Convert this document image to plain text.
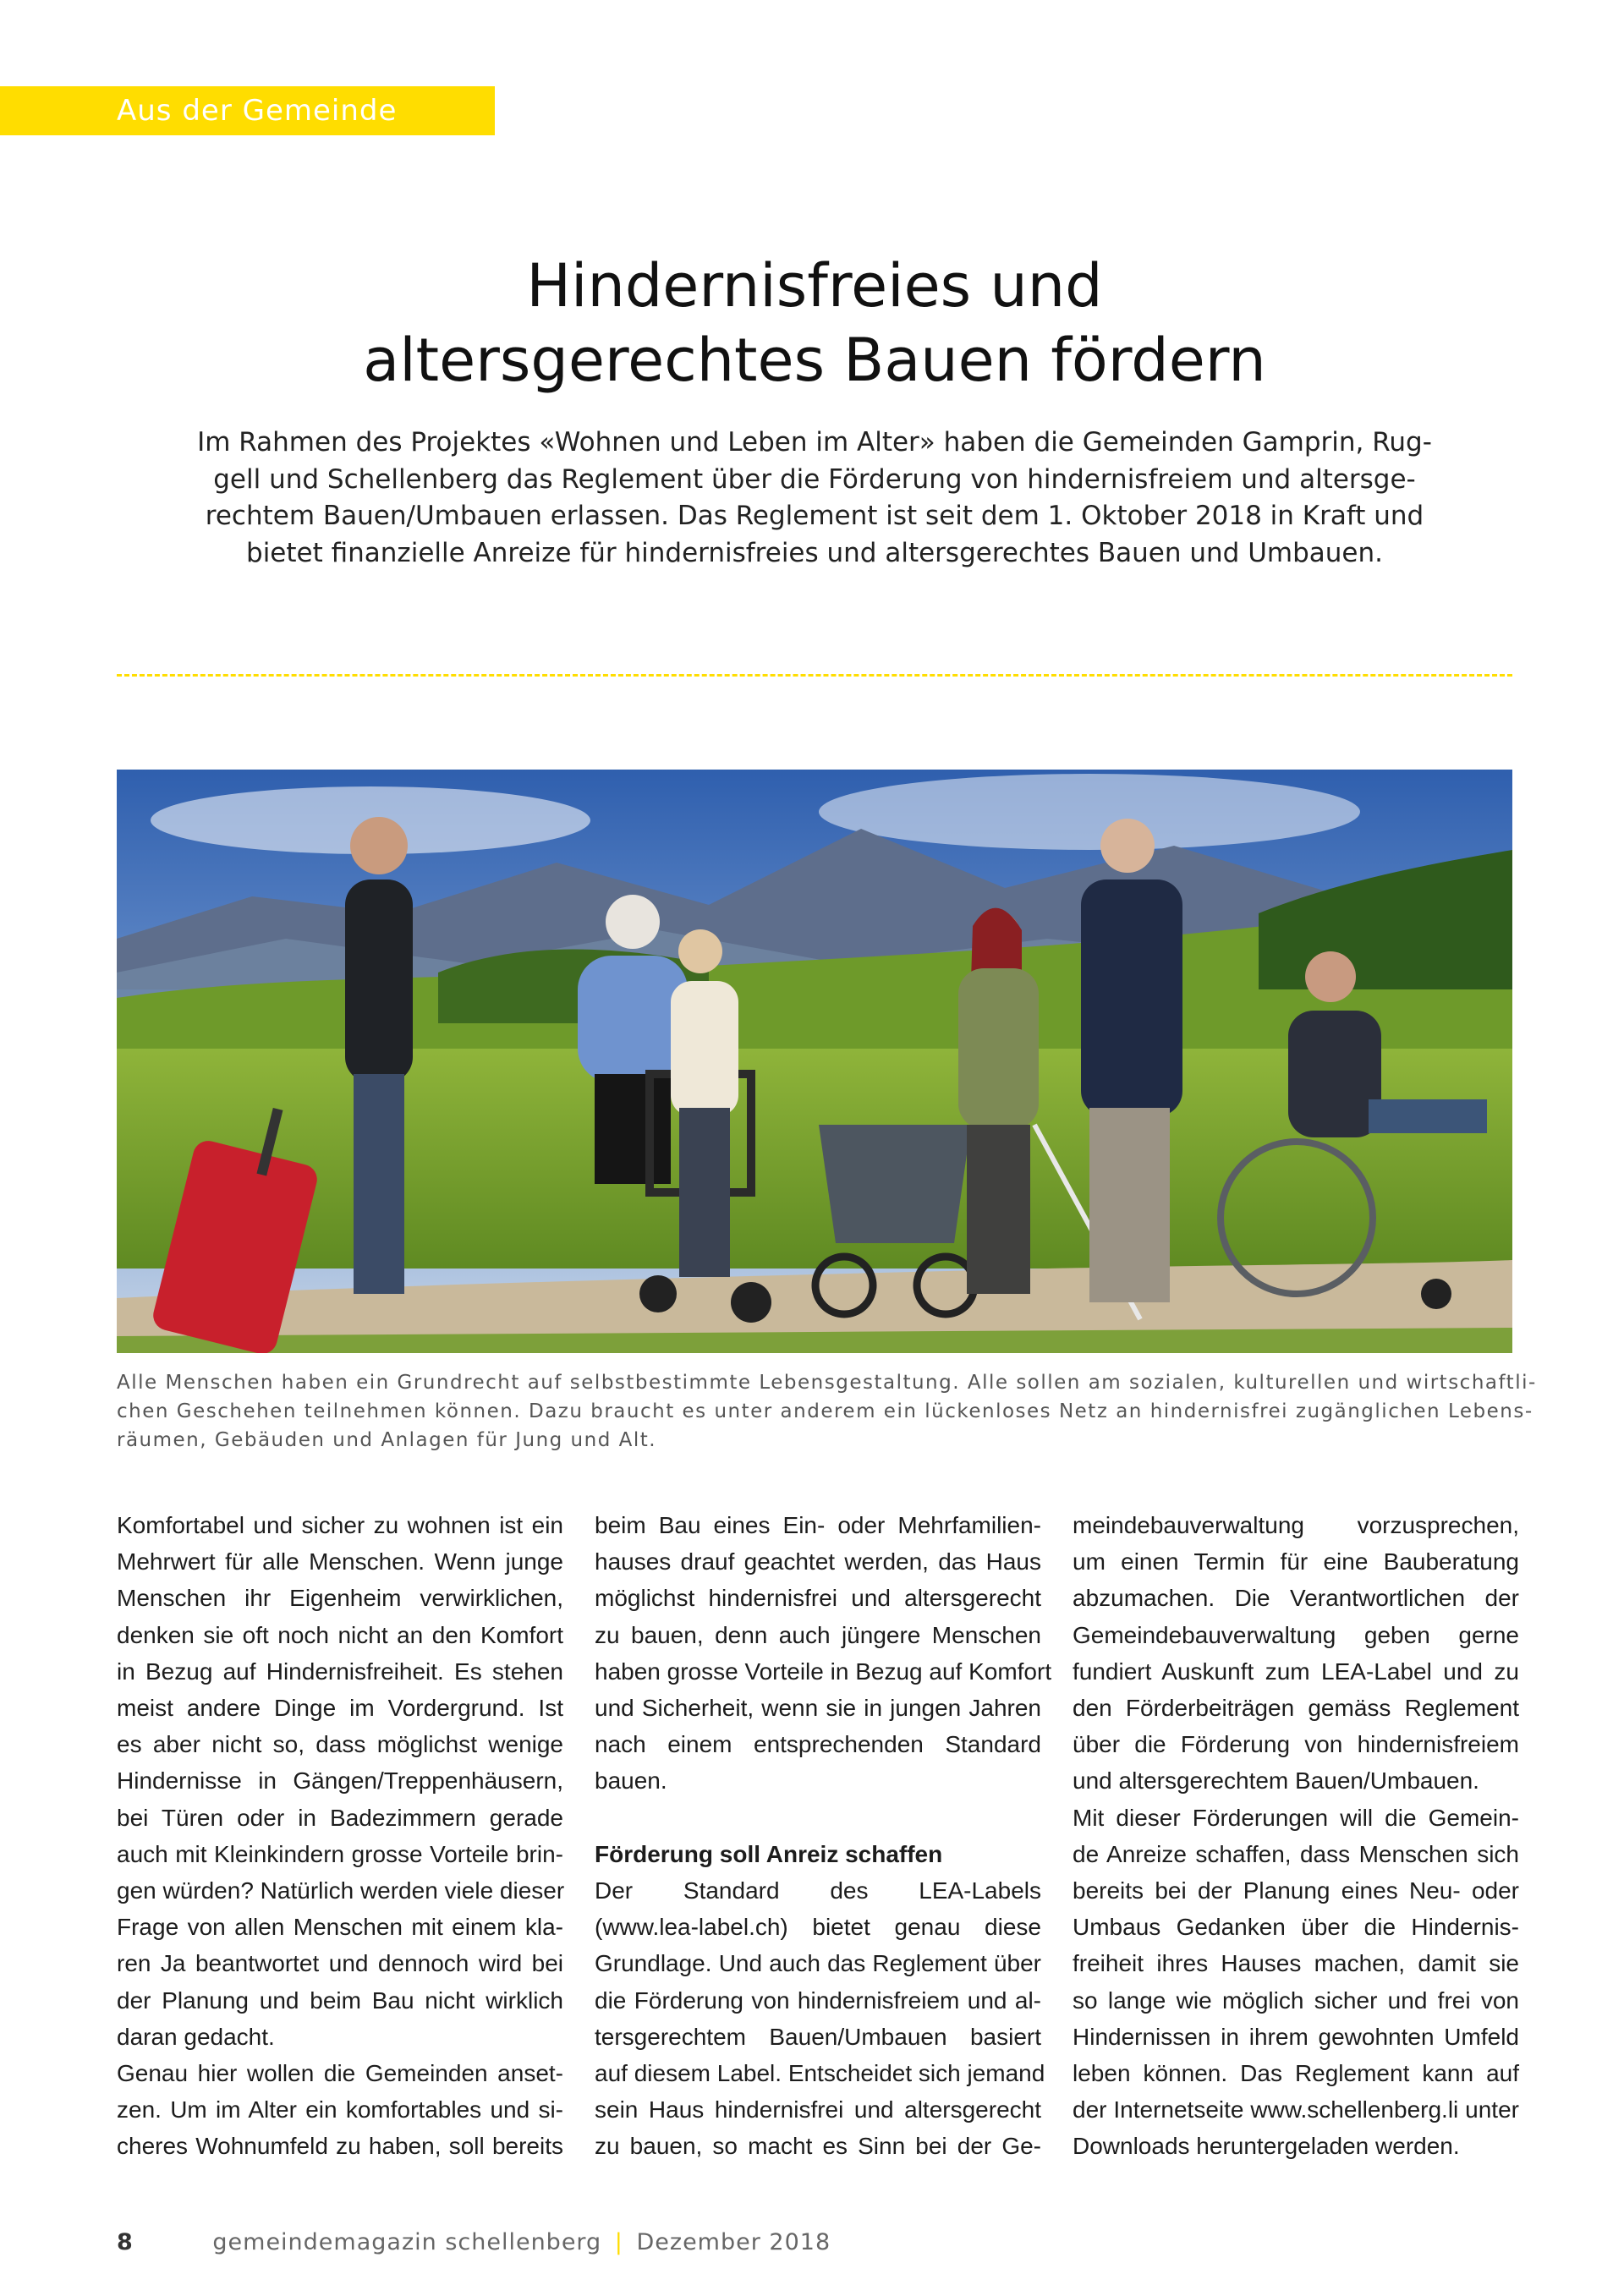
Aus der Gemeinde
Hindernisfreies und
altersgerechtes Bauen fördern
Im Rahmen des Projektes «Wohnen und Leben im Alter» haben die Gemeinden Gamprin, Rug-
gell und Schellenberg das Reglement über die Förderung von hindernisfreiem und altersge-
rechtem Bauen/Umbauen erlassen. Das Reglement ist seit dem 1. Oktober 2018 in Kraft und
bietet finanzielle Anreize für hindernisfreies und altersgerechtes Bauen und Umbauen.
Alle Menschen haben ein Grundrecht auf selbstbestimmte Lebensgestaltung. Alle sollen am sozialen, kulturellen und wirtschaftli-
chen Geschehen teilnehmen können. Dazu braucht es unter anderem ein lückenloses Netz an hindernisfrei zugänglichen Lebens-
räumen, Gebäuden und Anlagen für Jung und Alt.
Komfortabel und sicher zu wohnen ist ein
Mehrwert für alle Menschen. Wenn junge
Menschen ihr Eigenheim verwirklichen,
denken sie oft noch nicht an den Komfort
in Bezug auf Hindernisfreiheit. Es stehen
meist andere Dinge im Vordergrund. Ist
es aber nicht so, dass möglichst wenige
Hindernisse in Gängen/Treppenhäusern,
bei Türen oder in Badezimmern gerade
auch mit Kleinkindern grosse Vorteile brin-
gen würden? Natürlich werden viele dieser
Frage von allen Menschen mit einem kla-
ren Ja beantwortet und dennoch wird bei
der Planung und beim Bau nicht wirklich
daran gedacht.
Genau hier wollen die Gemeinden anset-
zen. Um im Alter ein komfortables und si-
cheres Wohnumfeld zu haben, soll bereits
beim Bau eines Ein- oder Mehrfamilien-
hauses drauf geachtet werden, das Haus
möglichst hindernisfrei und altersgerecht
zu bauen, denn auch jüngere Menschen
haben grosse Vorteile in Bezug auf Komfort
und Sicherheit, wenn sie in jungen Jahren
nach einem entsprechenden Standard
bauen.
Förderung soll Anreiz schaffen
Der Standard des LEA-Labels
(www.lea-label.ch) bietet genau diese
Grundlage. Und auch das Reglement über
die Förderung von hindernisfreiem und al-
tersgerechtem Bauen/Umbauen basiert
auf diesem Label. Entscheidet sich jemand
sein Haus hindernisfrei und altersgerecht
zu bauen, so macht es Sinn bei der Ge-
meindebauverwaltung vorzusprechen,
um einen Termin für eine Bauberatung
abzumachen. Die Verantwortlichen der
Gemeindebauverwaltung geben gerne
fundiert Auskunft zum LEA-Label und zu
den Förderbeiträgen gemäss Reglement
über die Förderung von hindernisfreiem
und altersgerechtem Bauen/Umbauen.
Mit dieser Förderungen will die Gemein-
de Anreize schaffen, dass Menschen sich
bereits bei der Planung eines Neu- oder
Umbaus Gedanken über die Hindernis-
freiheit ihres Hauses machen, damit sie
so lange wie möglich sicher und frei von
Hindernissen in ihrem gewohnten Umfeld
leben können. Das Reglement kann auf
der Internetseite www.schellenberg.li unter
Downloads heruntergeladen werden.
8	gemeindemagazin schellenberg | Dezember 2018
